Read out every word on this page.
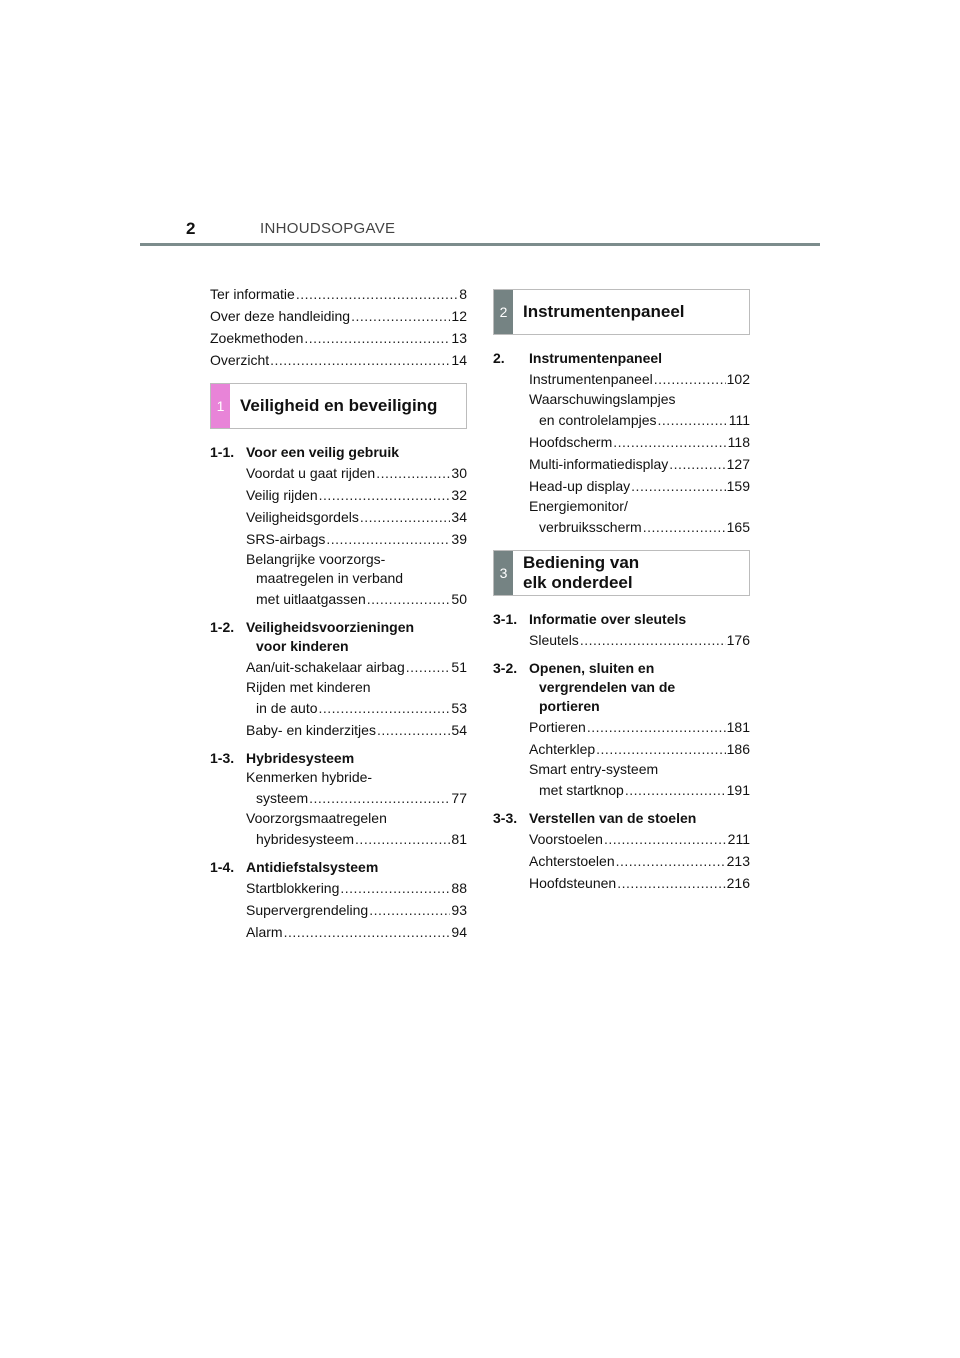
2	INHOUDSOPGAVE
Ter informatie .....	8
Over deze handleiding .....	12
Zoekmethoden .....	13
Overzicht .....	14
1 Veiligheid en beveiliging
1-1. Voor een veilig gebruik
Voordat u gaat rijden .....	30
Veilig rijden .....	32
Veiligheidsgordels .....	34
SRS-airbags .....	39
Belangrijke voorzorgs-
maatregelen in verband
met uitlaatgassen .....	50
1-2. Veiligheidsvoorzieningen
voor kinderen
Aan/uit-schakelaar airbag .....	51
Rijden met kinderen
in de auto .....	53
Baby- en kinderzitjes .....	54
1-3. Hybridesysteem
Kenmerken hybride-
systeem .....	77
Voorzorgsmaatregelen
hybridesysteem .....	81
1-4. Antidiefstalsysteem
Startblokkering .....	88
Supervergrendeling .....	93
Alarm .....	94
2 Instrumentenpaneel
2.	Instrumentenpaneel
Instrumentenpaneel .....	102
Waarschuwingslampjes
en controlelampjes .....	111
Hoofdscherm .....	118
Multi-informatiedisplay .....	127
Head-up display .....	159
Energiemonitor/
verbruiksscherm .....	165
3
Bediening van
elk onderdeel
3-1. Informatie over sleutels
Sleutels .....	176
3-2. Openen, sluiten en
vergrendelen van de
portieren
Portieren .....	181
Achterklep .....	186
Smart entry-systeem
met startknop .....	191
3-3. Verstellen van de stoelen
Voorstoelen .....	211
Achterstoelen .....	213
Hoofdsteunen .....	216
